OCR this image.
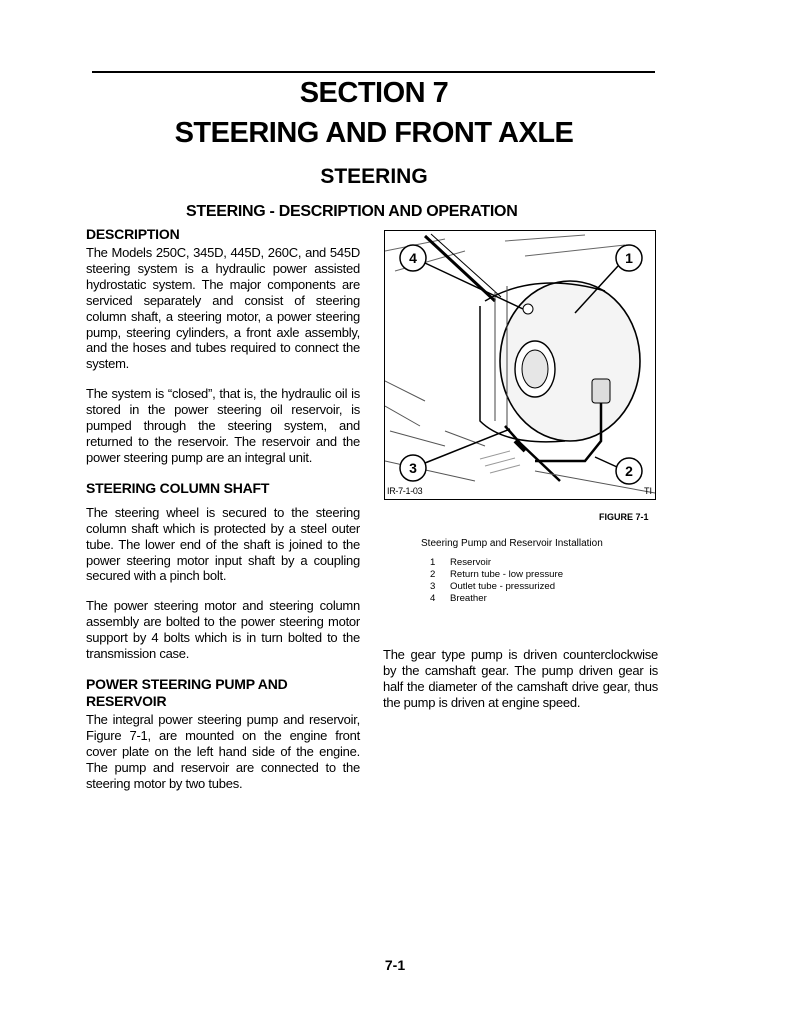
SECTION 7
STEERING AND FRONT AXLE
STEERING
STEERING - DESCRIPTION AND OPERATION
DESCRIPTION

The Models 250C, 345D, 445D, 260C, and 545D steering system is a hydraulic power assisted hydrostatic system. The major components are serviced separately and consist of steering column shaft, a steering motor, a power steering pump, steering cylinders, a front axle assembly, and the hoses and tubes required to connect the system.

The system is “closed”, that is, the hydraulic oil is stored in the power steering oil reservoir, is pumped through the steering system, and returned to the reservoir. The reservoir and the power steering pump are an integral unit.

STEERING COLUMN SHAFT

The steering wheel is secured to the steering column shaft which is protected by a steel outer tube. The lower end of the shaft is joined to the power steering motor input shaft by a coupling secured with a pinch bolt.

The power steering motor and steering column assembly are bolted to the power steering motor support by 4 bolts which is in turn bolted to the transmission case.

POWER STEERING PUMP AND RESERVOIR

The integral power steering pump and reservoir, Figure 7-1, are mounted on the engine front cover plate on the left hand side of the engine. The pump and reservoir are connected to the steering motor by two tubes.

4	1
3	2
IR-7-1-03	TI
FIGURE 7-1
Steering Pump and Reservoir Installation
1 Reservoir
2 Return tube - low pressure
3 Outlet tube - pressurized
4 Breather

The gear type pump is driven counterclockwise by the camshaft gear. The pump driven gear is half the diameter of the camshaft drive gear, thus the pump is driven at engine speed.

7-1
